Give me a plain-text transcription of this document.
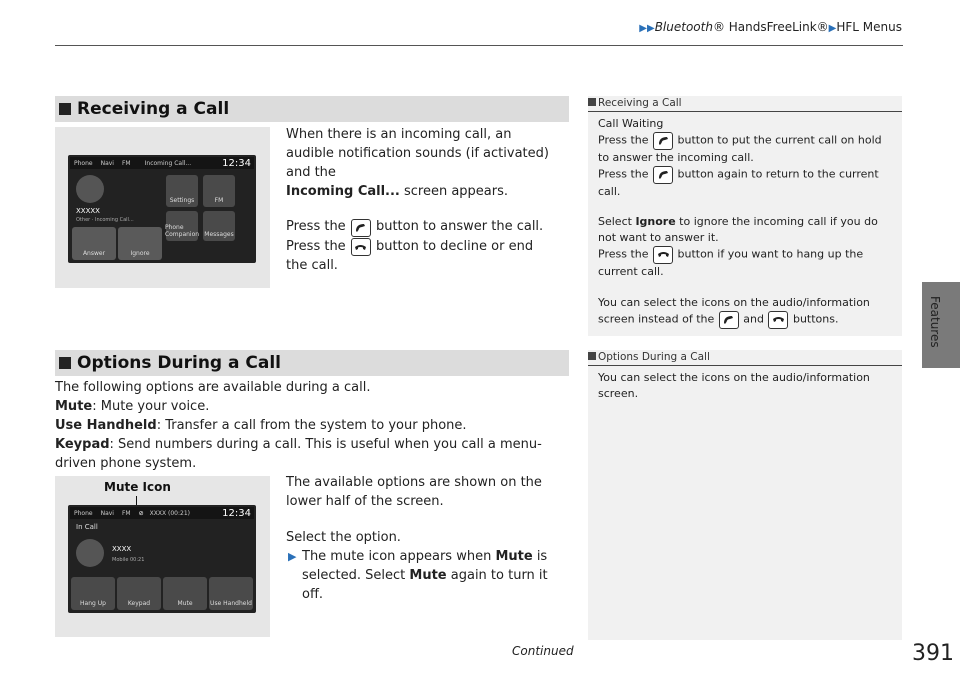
▶▶Bluetooth® HandsFreeLink®▶HFL Menus
Features
Receiving a Call
Phone Navi FM Incoming Call...	12:34
XXXXX
Other · Incoming Call...
Settings	FM
Phone Companion Messages
Answer	Ignore
When there is an incoming call, an audible notification sounds (if activated) and the
Incoming Call... screen appears.
Press the
button to answer the call.
Press the
button to decline or end the call.
Receiving a Call
Call Waiting
Press the
button to put the current call on hold to answer the incoming call.
Press the
button again to return to the current call.
Select Ignore to ignore the incoming call if you do not want to answer it.
Press the
button if you want to hang up the current call.
You can select the icons on the audio/information screen instead of the
and
buttons.
Options During a Call
The following options are available during a call.
Mute: Mute your voice.
Use Handheld: Transfer a call from the system to your phone.
Keypad: Send numbers during a call. This is useful when you call a menu-driven phone system.
Mute Icon
Phone Navi FM ⊘ XXXX (00:21)	12:34
In Call
XXXX
Mobile 00:21
Hang Up	Keypad	Mute	Use Handheld
The available options are shown on the lower half of the screen.
Select the option.
▶ The mute icon appears when Mute is selected. Select Mute again to turn it off.
Options During a Call
You can select the icons on the audio/information screen.
Continued	391
